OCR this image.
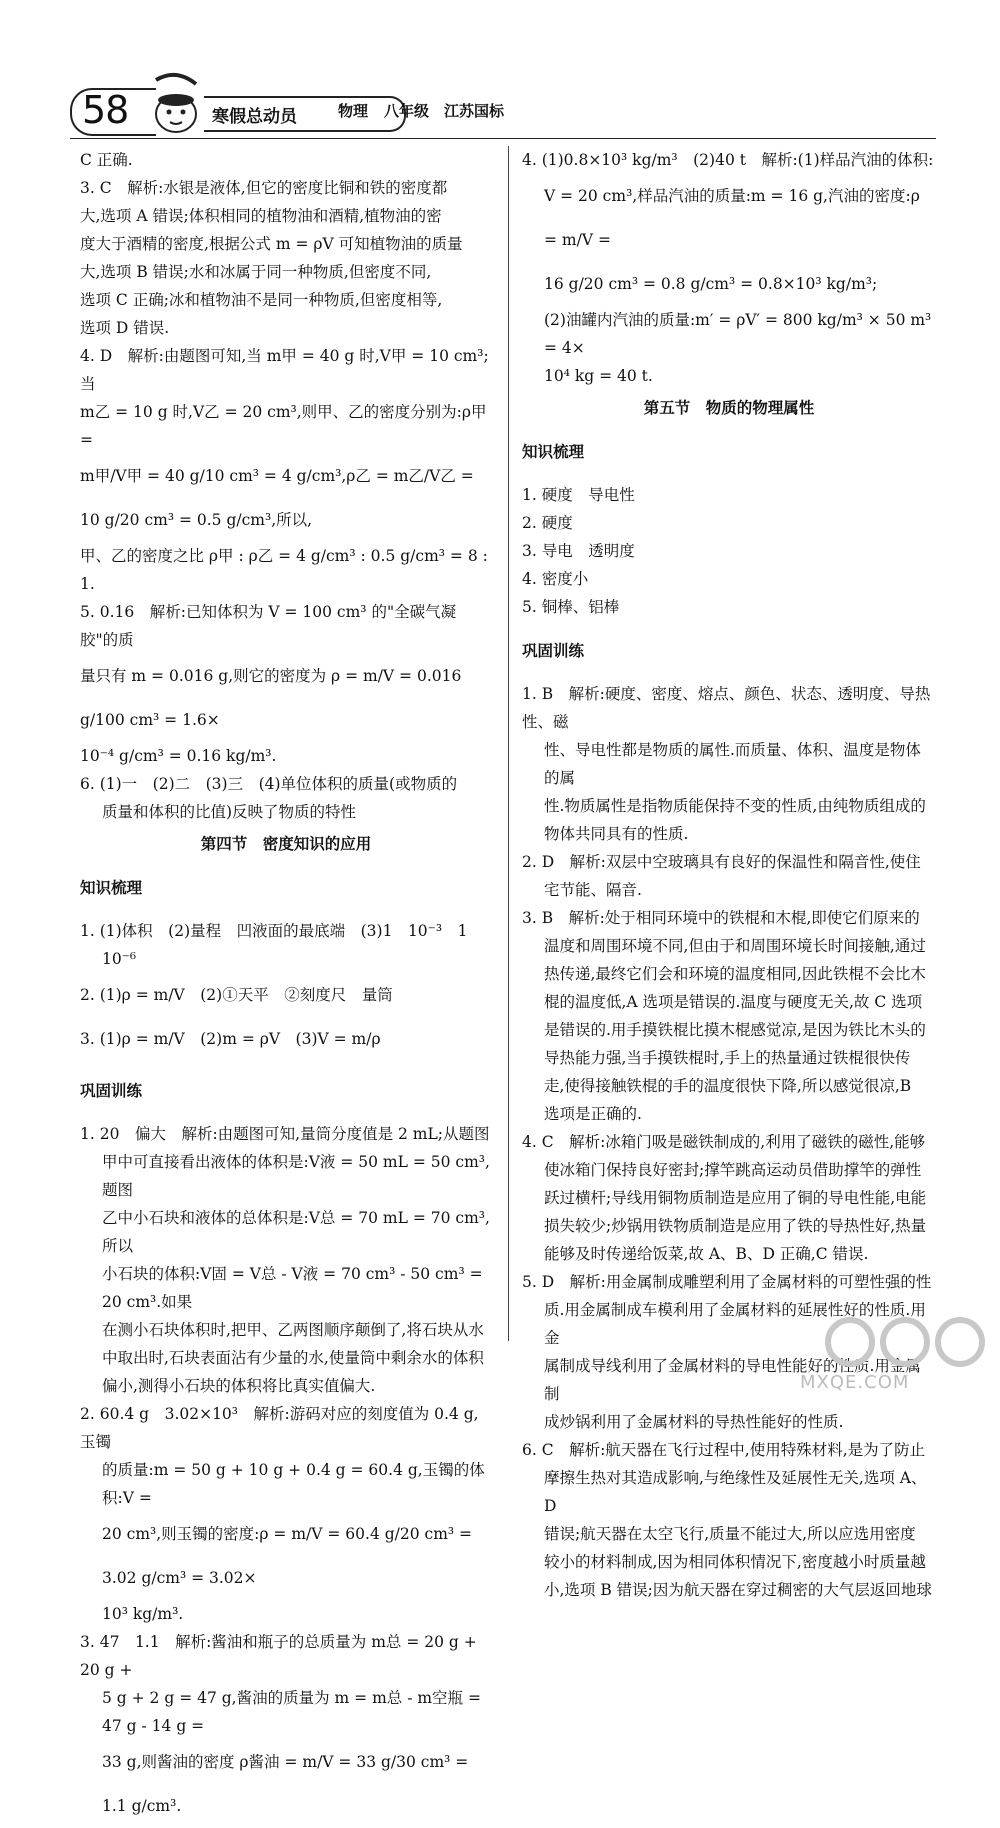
58	寒假总动员	物理 八年级 江苏国标

C 正确.

3. C　解析:水银是液体,但它的密度比铜和铁的密度都

大,选项 A 错误;体积相同的植物油和酒精,植物油的密

度大于酒精的密度,根据公式 m = ρV 可知植物油的质量

大,选项 B 错误;水和冰属于同一种物质,但密度不同,

选项 C 正确;冰和植物油不是同一种物质,但密度相等,

选项 D 错误.

4. D　解析:由题图可知,当 m甲 = 40 g 时,V甲 = 10 cm³;当

m乙 = 10 g 时,V乙 = 20 cm³,则甲、乙的密度分别为:ρ甲 =

m甲/V甲 = 40 g/10 cm³ = 4 g/cm³,ρ乙 = m乙/V乙 = 10 g/20 cm³ = 0.5 g/cm³,所以,

甲、乙的密度之比 ρ甲 : ρ乙 = 4 g/cm³ : 0.5 g/cm³ = 8 : 1.

5. 0.16　解析:已知体积为 V = 100 cm³ 的"全碳气凝胶"的质

量只有 m = 0.016 g,则它的密度为 ρ = m/V = 0.016 g/100 cm³ = 1.6×

10⁻⁴ g/cm³ = 0.16 kg/m³.

6. (1)一　(2)二　(3)三　(4)单位体积的质量(或物质的

质量和体积的比值)反映了物质的特性

第四节　密度知识的应用

知识梳理

1. (1)体积　(2)量程　凹液面的最底端　(3)1　10⁻³　1

10⁻⁶

2. (1)ρ = m/V　(2)①天平　②刻度尺　量筒

3. (1)ρ = m/V　(2)m = ρV　(3)V = m/ρ

巩固训练

1. 20　偏大　解析:由题图可知,量筒分度值是 2 mL;从题图

甲中可直接看出液体的体积是:V液 = 50 mL = 50 cm³,题图

乙中小石块和液体的总体积是:V总 = 70 mL = 70 cm³,所以

小石块的体积:V固 = V总 - V液 = 70 cm³ - 50 cm³ = 20 cm³.如果

在测小石块体积时,把甲、乙两图顺序颠倒了,将石块从水

中取出时,石块表面沾有少量的水,使量筒中剩余水的体积

偏小,测得小石块的体积将比真实值偏大.

2. 60.4 g　3.02×10³　解析:游码对应的刻度值为 0.4 g,玉镯

的质量:m = 50 g + 10 g + 0.4 g = 60.4 g,玉镯的体积:V =

20 cm³,则玉镯的密度:ρ = m/V = 60.4 g/20 cm³ = 3.02 g/cm³ = 3.02×

10³ kg/m³.

3. 47　1.1　解析:酱油和瓶子的总质量为 m总 = 20 g + 20 g +

5 g + 2 g = 47 g,酱油的质量为 m = m总 - m空瓶 = 47 g - 14 g =

33 g,则酱油的密度 ρ酱油 = m/V = 33 g/30 cm³ = 1.1 g/cm³.

4. (1)0.8×10³ kg/m³　(2)40 t　解析:(1)样品汽油的体积:

V = 20 cm³,样品汽油的质量:m = 16 g,汽油的密度:ρ = m/V =

16 g/20 cm³ = 0.8 g/cm³ = 0.8×10³ kg/m³;

(2)油罐内汽油的质量:m′ = ρV′ = 800 kg/m³ × 50 m³ = 4×

10⁴ kg = 40 t.

第五节　物质的物理属性

知识梳理

1. 硬度　导电性

2. 硬度

3. 导电　透明度

4. 密度小

5. 铜棒、铝棒

巩固训练

1. B　解析:硬度、密度、熔点、颜色、状态、透明度、导热性、磁

性、导电性都是物质的属性.而质量、体积、温度是物体的属

性.物质属性是指物质能保持不变的性质,由纯物质组成的

物体共同具有的性质.

2. D　解析:双层中空玻璃具有良好的保温性和隔音性,使住

宅节能、隔音.

3. B　解析:处于相同环境中的铁棍和木棍,即使它们原来的

温度和周围环境不同,但由于和周围环境长时间接触,通过

热传递,最终它们会和环境的温度相同,因此铁棍不会比木

棍的温度低,A 选项是错误的.温度与硬度无关,故 C 选项

是错误的.用手摸铁棍比摸木棍感觉凉,是因为铁比木头的

导热能力强,当手摸铁棍时,手上的热量通过铁棍很快传

走,使得接触铁棍的手的温度很快下降,所以感觉很凉,B

选项是正确的.

4. C　解析:冰箱门吸是磁铁制成的,利用了磁铁的磁性,能够

使冰箱门保持良好密封;撑竿跳高运动员借助撑竿的弹性

跃过横杆;导线用铜物质制造是应用了铜的导电性能,电能

损失较少;炒锅用铁物质制造是应用了铁的导热性好,热量

能够及时传递给饭菜,故 A、B、D 正确,C 错误.

5. D　解析:用金属制成雕塑利用了金属材料的可塑性强的性

质.用金属制成车模利用了金属材料的延展性好的性质.用金

属制成导线利用了金属材料的导电性能好的性质.用金属制

成炒锅利用了金属材料的导热性能好的性质.

6. C　解析:航天器在飞行过程中,使用特殊材料,是为了防止

摩擦生热对其造成影响,与绝缘性及延展性无关,选项 A、D

错误;航天器在太空飞行,质量不能过大,所以应选用密度

较小的材料制成,因为相同体积情况下,密度越小时质量越

小,选项 B 错误;因为航天器在穿过稠密的大气层返回地球

MXQE.COM
